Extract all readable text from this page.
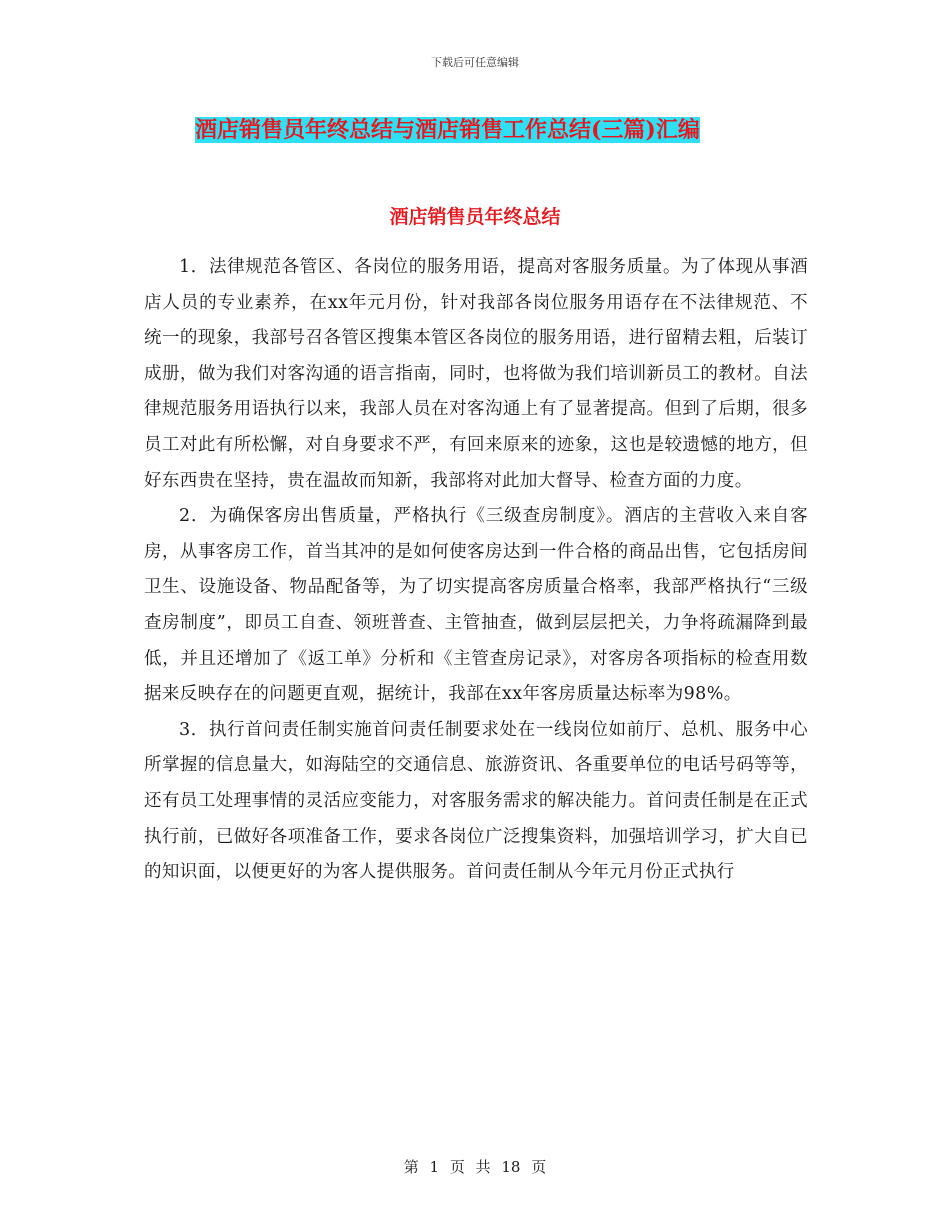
下载后可任意编辑
酒店销售员年终总结与酒店销售工作总结(三篇)汇编
酒店销售员年终总结

1．法律规范各管区、各岗位的服务用语，提高对客服务质量。为了体现从事酒店人员的专业素养，在xx年元月份，针对我部各岗位服务用语存在不法律规范、不统一的现象，我部号召各管区搜集本管区各岗位的服务用语，进行留精去粗，后装订成册，做为我们对客沟通的语言指南，同时，也将做为我们培训新员工的教材。自法律规范服务用语执行以来，我部人员在对客沟通上有了显著提高。但到了后期，很多员工对此有所松懈，对自身要求不严，有回来原来的迹象，这也是较遗憾的地方，但好东西贵在坚持，贵在温故而知新，我部将对此加大督导、检查方面的力度。

2．为确保客房出售质量，严格执行《三级查房制度》。酒店的主营收入来自客房，从事客房工作，首当其冲的是如何使客房达到一件合格的商品出售，它包括房间卫生、设施设备、物品配备等，为了切实提高客房质量合格率，我部严格执行“三级查房制度”，即员工自查、领班普查、主管抽查，做到层层把关，力争将疏漏降到最低，并且还增加了《返工单》分析和《主管查房记录》，对客房各项指标的检查用数据来反映存在的问题更直观，据统计，我部在xx年客房质量达标率为98%。

3．执行首问责任制实施首问责任制要求处在一线岗位如前厅、总机、服务中心所掌握的信息量大，如海陆空的交通信息、旅游资讯、各重要单位的电话号码等等，还有员工处理事情的灵活应变能力，对客服务需求的解决能力。首问责任制是在正式执行前，已做好各项准备工作，要求各岗位广泛搜集资料，加强培训学习，扩大自已的知识面，以便更好的为客人提供服务。首问责任制从今年元月份正式执行

第 1 页 共 18 页
